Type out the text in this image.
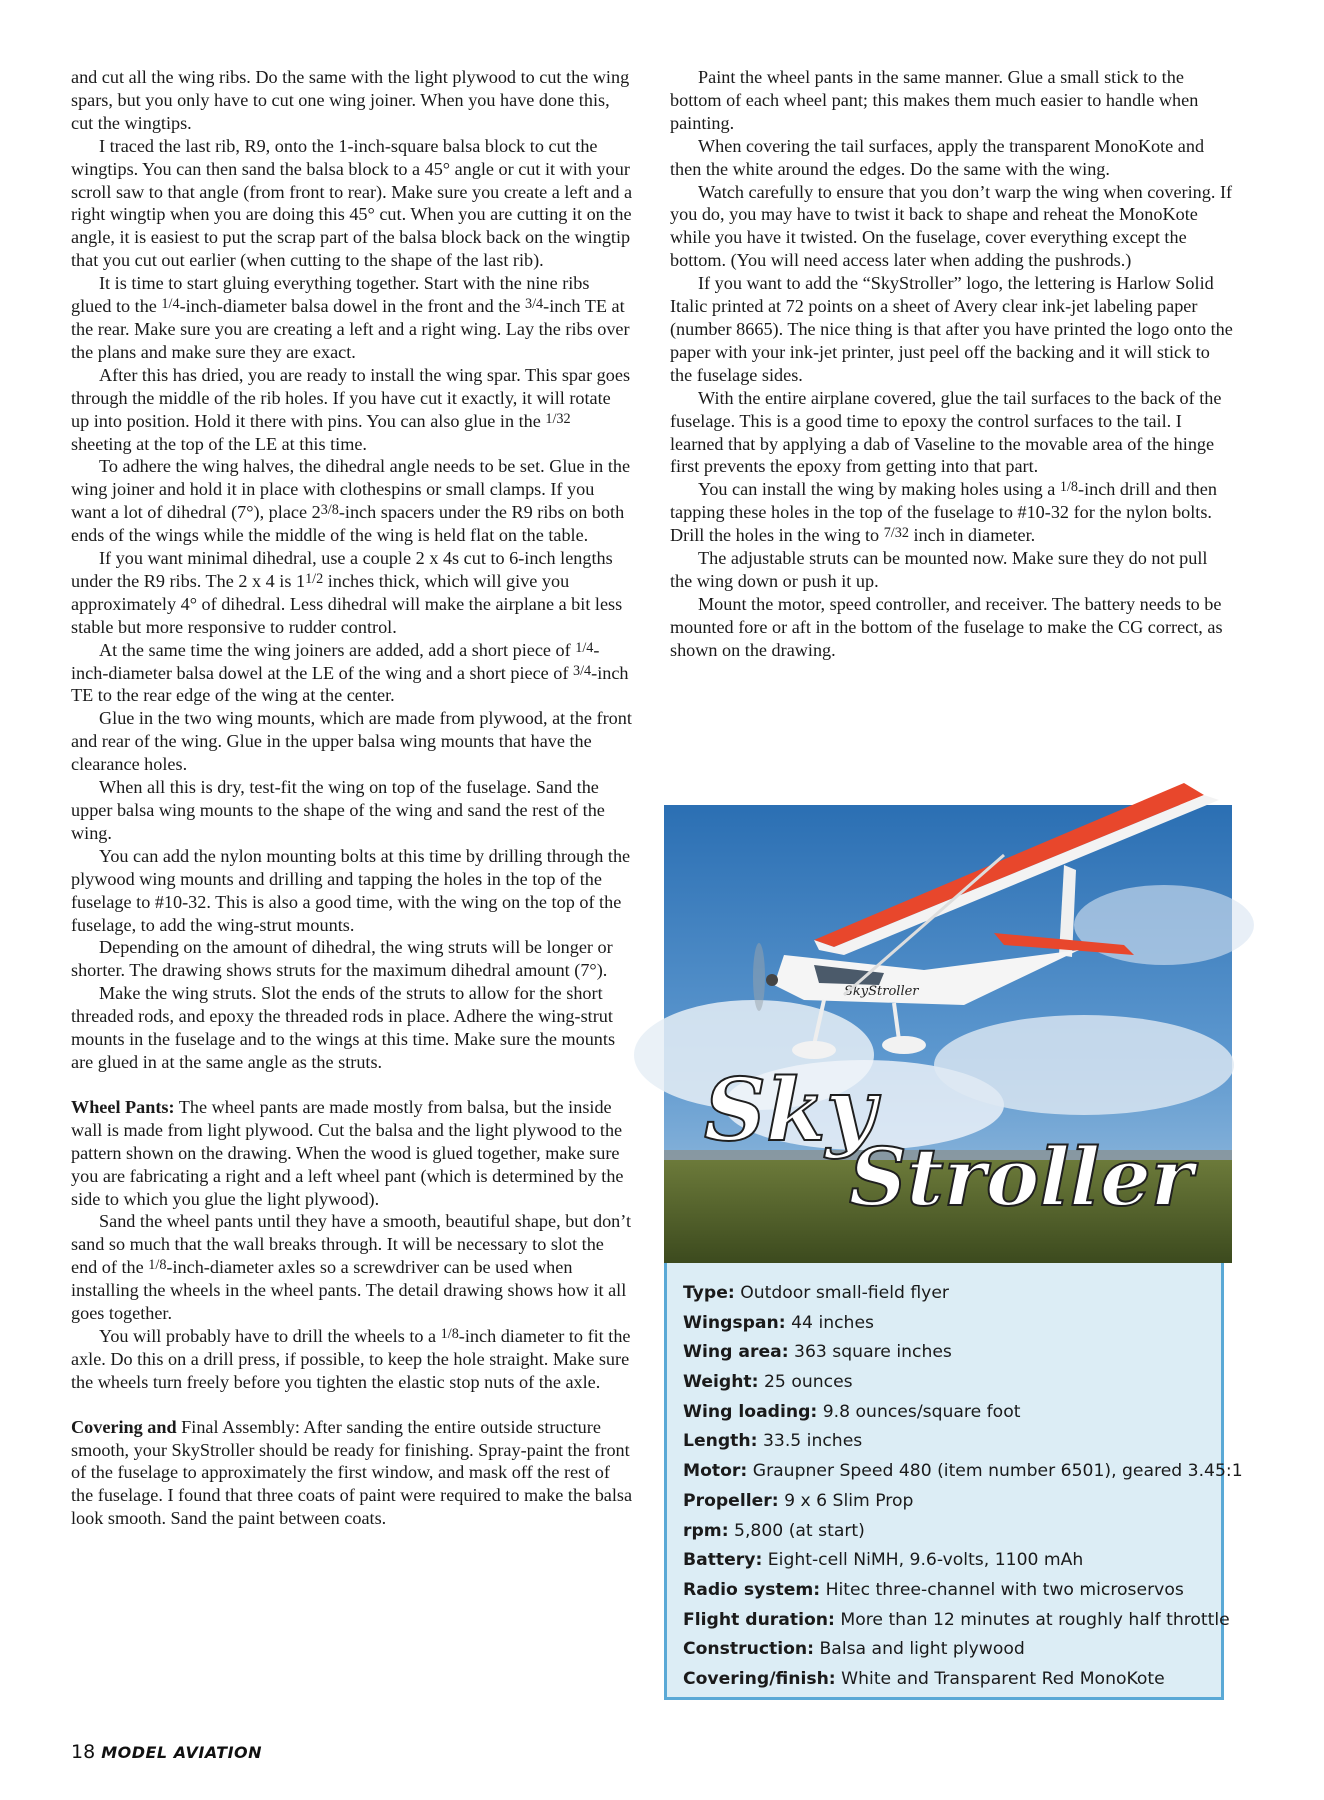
and cut all the wing ribs. Do the same with the light plywood to cut the wing spars, but you only have to cut one wing joiner. When you have done this, cut the wingtips.

I traced the last rib, R9, onto the 1-inch-square balsa block to cut the wingtips. You can then sand the balsa block to a 45° angle or cut it with your scroll saw to that angle (from front to rear). Make sure you create a left and a right wingtip when you are doing this 45° cut. When you are cutting it on the angle, it is easiest to put the scrap part of the balsa block back on the wingtip that you cut out earlier (when cutting to the shape of the last rib).

It is time to start gluing everything together. Start with the nine ribs glued to the $^{1/4}$-inch-diameter balsa dowel in the front and the $^{3/4}$-inch TE at the rear. Make sure you are creating a left and a right wing. Lay the ribs over the plans and make sure they are exact.

After this has dried, you are ready to install the wing spar. This spar goes through the middle of the rib holes. If you have cut it exactly, it will rotate up into position. Hold it there with pins. You can also glue in the $^{1/32}$ sheeting at the top of the LE at this time.

To adhere the wing halves, the dihedral angle needs to be set. Glue in the wing joiner and hold it in place with clothespins or small clamps. If you want a lot of dihedral (7°), place $2^{3/8}$-inch spacers under the R9 ribs on both ends of the wings while the middle of the wing is held flat on the table.

If you want minimal dihedral, use a couple 2 x 4s cut to 6-inch lengths under the R9 ribs. The 2 x 4 is $1^{1/2}$ inches thick, which will give you approximately 4° of dihedral. Less dihedral will make the airplane a bit less stable but more responsive to rudder control.

At the same time the wing joiners are added, add a short piece of $^{1/4}$-inch-diameter balsa dowel at the LE of the wing and a short piece of $^{3/4}$-inch TE to the rear edge of the wing at the center.

Glue in the two wing mounts, which are made from plywood, at the front and rear of the wing. Glue in the upper balsa wing mounts that have the clearance holes.

When all this is dry, test-fit the wing on top of the fuselage. Sand the upper balsa wing mounts to the shape of the wing and sand the rest of the wing.

You can add the nylon mounting bolts at this time by drilling through the plywood wing mounts and drilling and tapping the holes in the top of the fuselage to #10-32. This is also a good time, with the wing on the top of the fuselage, to add the wing-strut mounts.

Depending on the amount of dihedral, the wing struts will be longer or shorter. The drawing shows struts for the maximum dihedral amount (7°).

Make the wing struts. Slot the ends of the struts to allow for the short threaded rods, and epoxy the threaded rods in place. Adhere the wing-strut mounts in the fuselage and to the wings at this time. Make sure the mounts are glued in at the same angle as the struts.

Wheel Pants: The wheel pants are made mostly from balsa, but the inside wall is made from light plywood. Cut the balsa and the light plywood to the pattern shown on the drawing. When the wood is glued together, make sure you are fabricating a right and a left wheel pant (which is determined by the side to which you glue the light plywood).

Sand the wheel pants until they have a smooth, beautiful shape, but don’t sand so much that the wall breaks through. It will be necessary to slot the end of the $^{1/8}$-inch-diameter axles so a screwdriver can be used when installing the wheels in the wheel pants. The detail drawing shows how it all goes together.

You will probably have to drill the wheels to a $^{1/8}$-inch diameter to fit the axle. Do this on a drill press, if possible, to keep the hole straight. Make sure the wheels turn freely before you tighten the elastic stop nuts of the axle.

Covering and Final Assembly: After sanding the entire outside structure smooth, your SkyStroller should be ready for finishing. Spray-paint the front of the fuselage to approximately the first window, and mask off the rest of the fuselage. I found that three coats of paint were required to make the balsa look smooth. Sand the paint between coats.

Paint the wheel pants in the same manner. Glue a small stick to the bottom of each wheel pant; this makes them much easier to handle when painting.

When covering the tail surfaces, apply the transparent MonoKote and then the white around the edges. Do the same with the wing.

Watch carefully to ensure that you don’t warp the wing when covering. If you do, you may have to twist it back to shape and reheat the MonoKote while you have it twisted. On the fuselage, cover everything except the bottom. (You will need access later when adding the pushrods.)

If you want to add the “SkyStroller” logo, the lettering is Harlow Solid Italic printed at 72 points on a sheet of Avery clear ink-jet labeling paper (number 8665). The nice thing is that after you have printed the logo onto the paper with your ink-jet printer, just peel off the backing and it will stick to the fuselage sides.

With the entire airplane covered, glue the tail surfaces to the back of the fuselage. This is a good time to epoxy the control surfaces to the tail. I learned that by applying a dab of Vaseline to the movable area of the hinge first prevents the epoxy from getting into that part.

You can install the wing by making holes using a $^{1/8}$-inch drill and then tapping these holes in the top of the fuselage to #10-32 for the nylon bolts. Drill the holes in the wing to $^{7/32}$ inch in diameter.

The adjustable struts can be mounted now. Make sure they do not pull the wing down or push it up.

Mount the motor, speed controller, and receiver. The battery needs to be mounted fore or aft in the bottom of the fuselage to make the CG correct, as shown on the drawing.

SkyStroller
Sky
Stroller
Type: Outdoor small-field flyer
Wingspan: 44 inches
Wing area: 363 square inches
Weight: 25 ounces
Wing loading: 9.8 ounces/square foot
Length: 33.5 inches
Motor: Graupner Speed 480 (item number 6501), geared 3.45:1
Propeller: 9 x 6 Slim Prop
rpm: 5,800 (at start)
Battery: Eight-cell NiMH, 9.6-volts, 1100 mAh
Radio system: Hitec three-channel with two microservos
Flight duration: More than 12 minutes at roughly half throttle
Construction: Balsa and light plywood
Covering/finish: White and Transparent Red MonoKote
18 MODEL AVIATION
